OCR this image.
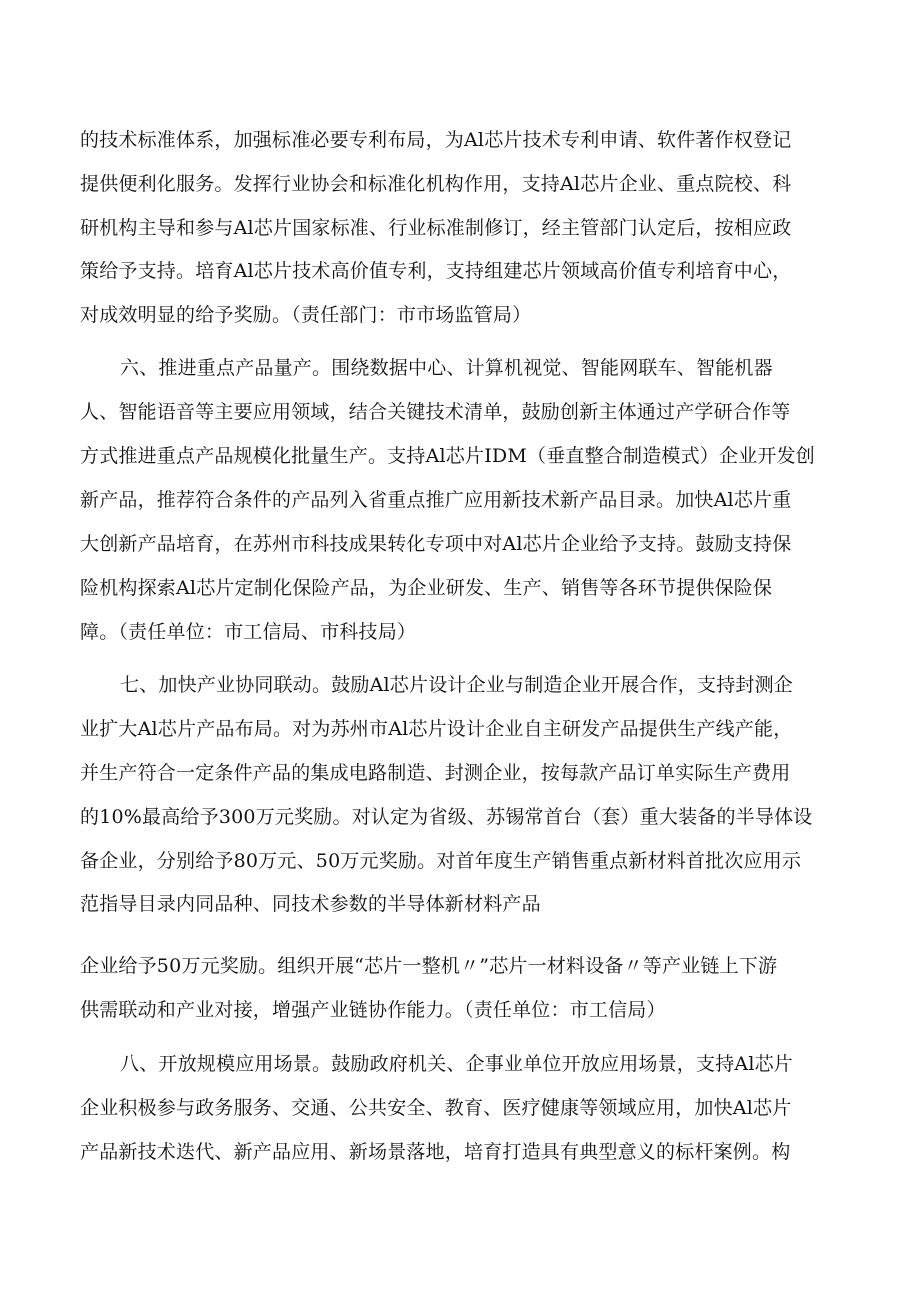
的技术标准体系，加强标准必要专利布局，为Al芯片技术专利申请、软件著作权登记
提供便利化服务。发挥行业协会和标准化机构作用，支持Al芯片企业、重点院校、科
研机构主导和参与Al芯片国家标准、行业标准制修订，经主管部门认定后，按相应政
策给予支持。培育Al芯片技术高价值专利，支持组建芯片领域高价值专利培育中心，
对成效明显的给予奖励。（责任部门：市市场监管局）
六、推进重点产品量产。围绕数据中心、计算机视觉、智能网联车、智能机器
人、智能语音等主要应用领域，结合关键技术清单，鼓励创新主体通过产学研合作等
方式推进重点产品规模化批量生产。支持Al芯片IDM（垂直整合制造模式）企业开发创
新产品，推荐符合条件的产品列入省重点推广应用新技术新产品目录。加快Al芯片重
大创新产品培育，在苏州市科技成果转化专项中对Al芯片企业给予支持。鼓励支持保
险机构探索Al芯片定制化保险产品，为企业研发、生产、销售等各环节提供保险保
障。（责任单位：市工信局、市科技局）
七、加快产业协同联动。鼓励Al芯片设计企业与制造企业开展合作，支持封测企
业扩大Al芯片产品布局。对为苏州市Al芯片设计企业自主研发产品提供生产线产能，
并生产符合一定条件产品的集成电路制造、封测企业，按每款产品订单实际生产费用
的10%最高给予300万元奖励。对认定为省级、苏锡常首台（套）重大装备的半导体设
备企业，分别给予80万元、50万元奖励。对首年度生产销售重点新材料首批次应用示
范指导目录内同品种、同技术参数的半导体新材料产品
企业给予50万元奖励。组织开展“芯片一整机〃”芯片一材料设备〃等产业链上下游
供需联动和产业对接，增强产业链协作能力。（责任单位：市工信局）
八、开放规模应用场景。鼓励政府机关、企事业单位开放应用场景，支持Al芯片
企业积极参与政务服务、交通、公共安全、教育、医疗健康等领域应用，加快Al芯片
产品新技术迭代、新产品应用、新场景落地，培育打造具有典型意义的标杆案例。构
